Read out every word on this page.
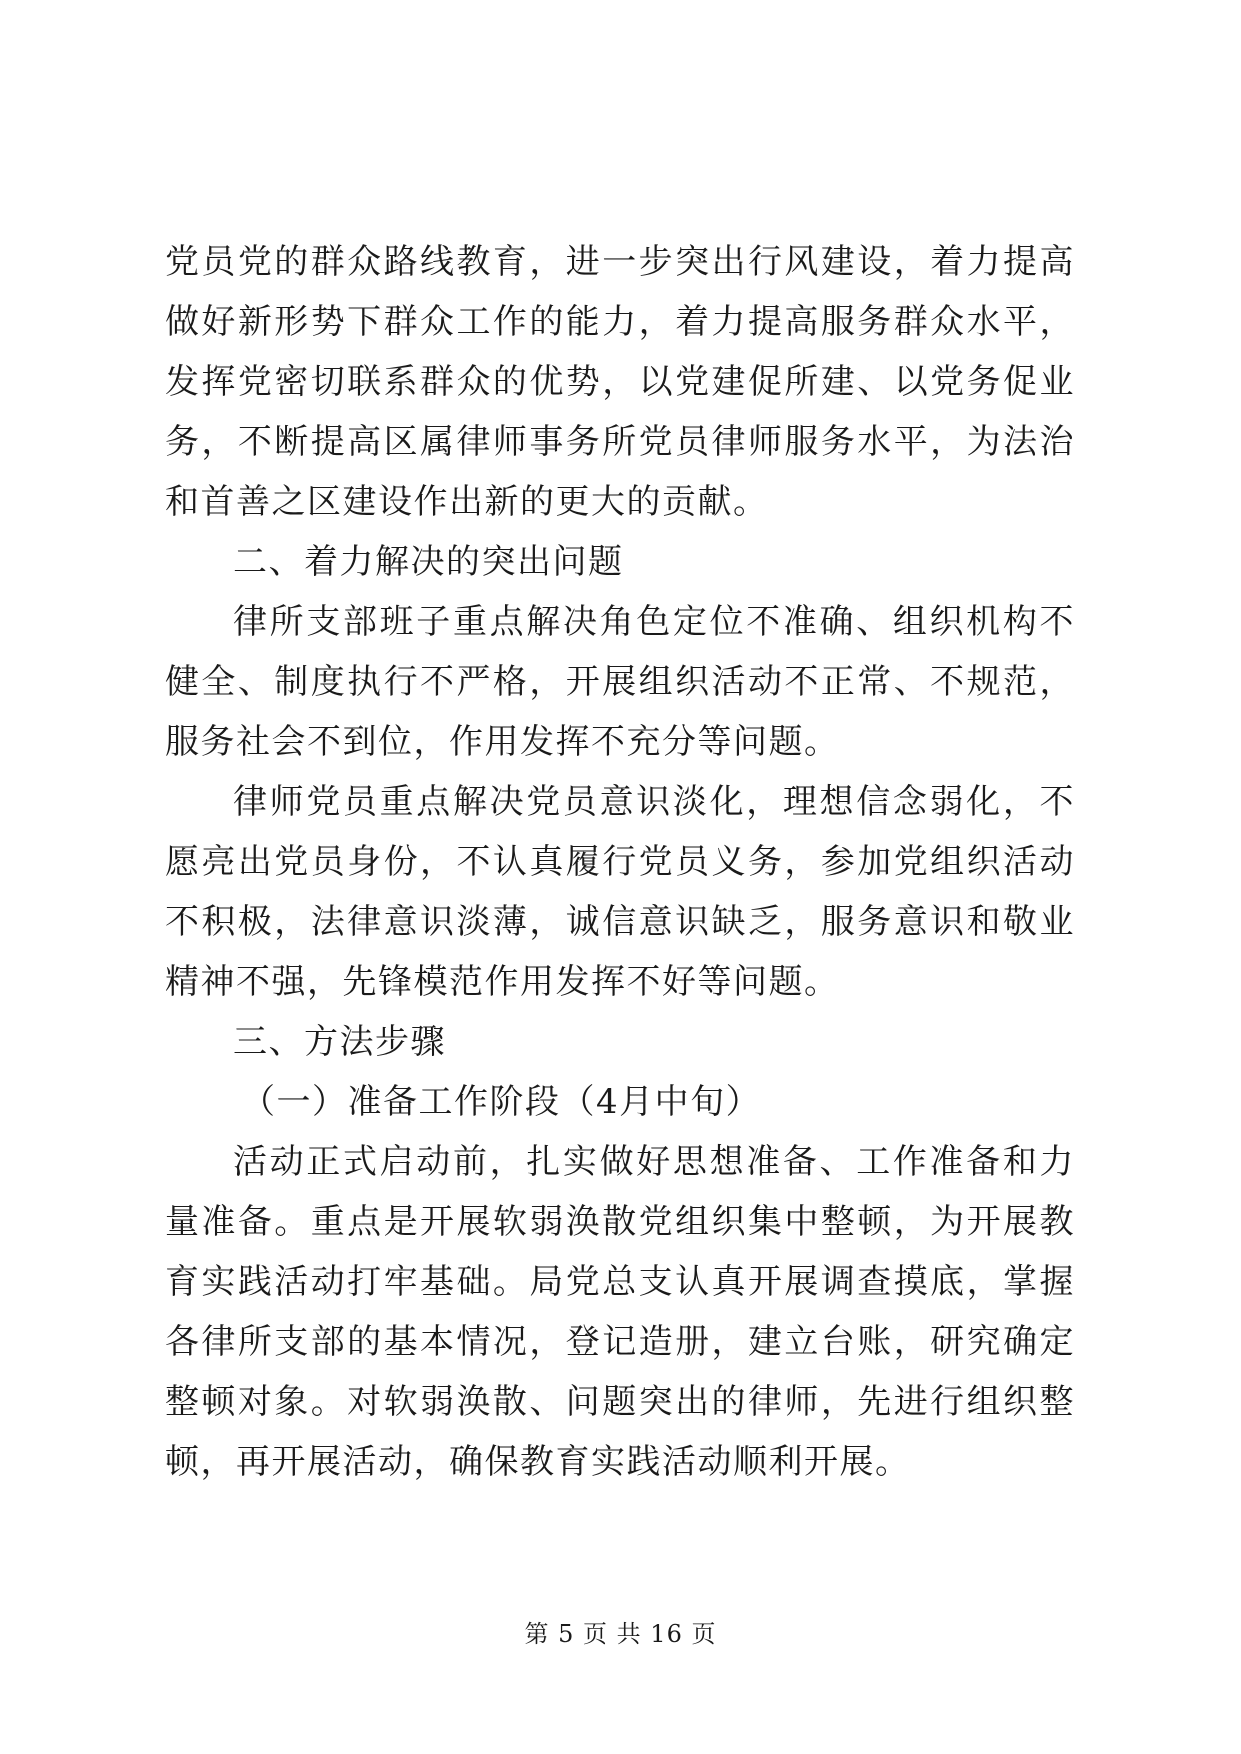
党员党的群众路线教育，进一步突出行风建设，着力提高做好新形势下群众工作的能力，着力提高服务群众水平，发挥党密切联系群众的优势，以党建促所建、以党务促业务，不断提高区属律师事务所党员律师服务水平，为法治和首善之区建设作出新的更大的贡献。

二、着力解决的突出问题

律所支部班子重点解决角色定位不准确、组织机构不健全、制度执行不严格，开展组织活动不正常、不规范，服务社会不到位，作用发挥不充分等问题。

律师党员重点解决党员意识淡化，理想信念弱化，不愿亮出党员身份，不认真履行党员义务，参加党组织活动不积极，法律意识淡薄，诚信意识缺乏，服务意识和敬业精神不强，先锋模范作用发挥不好等问题。

三、方法步骤

（一）准备工作阶段（4月中旬）

活动正式启动前，扎实做好思想准备、工作准备和力量准备。重点是开展软弱涣散党组织集中整顿，为开展教育实践活动打牢基础。局党总支认真开展调查摸底，掌握各律所支部的基本情况，登记造册，建立台账，研究确定整顿对象。对软弱涣散、问题突出的律师，先进行组织整顿，再开展活动，确保教育实践活动顺利开展。

第 5 页 共 16 页
